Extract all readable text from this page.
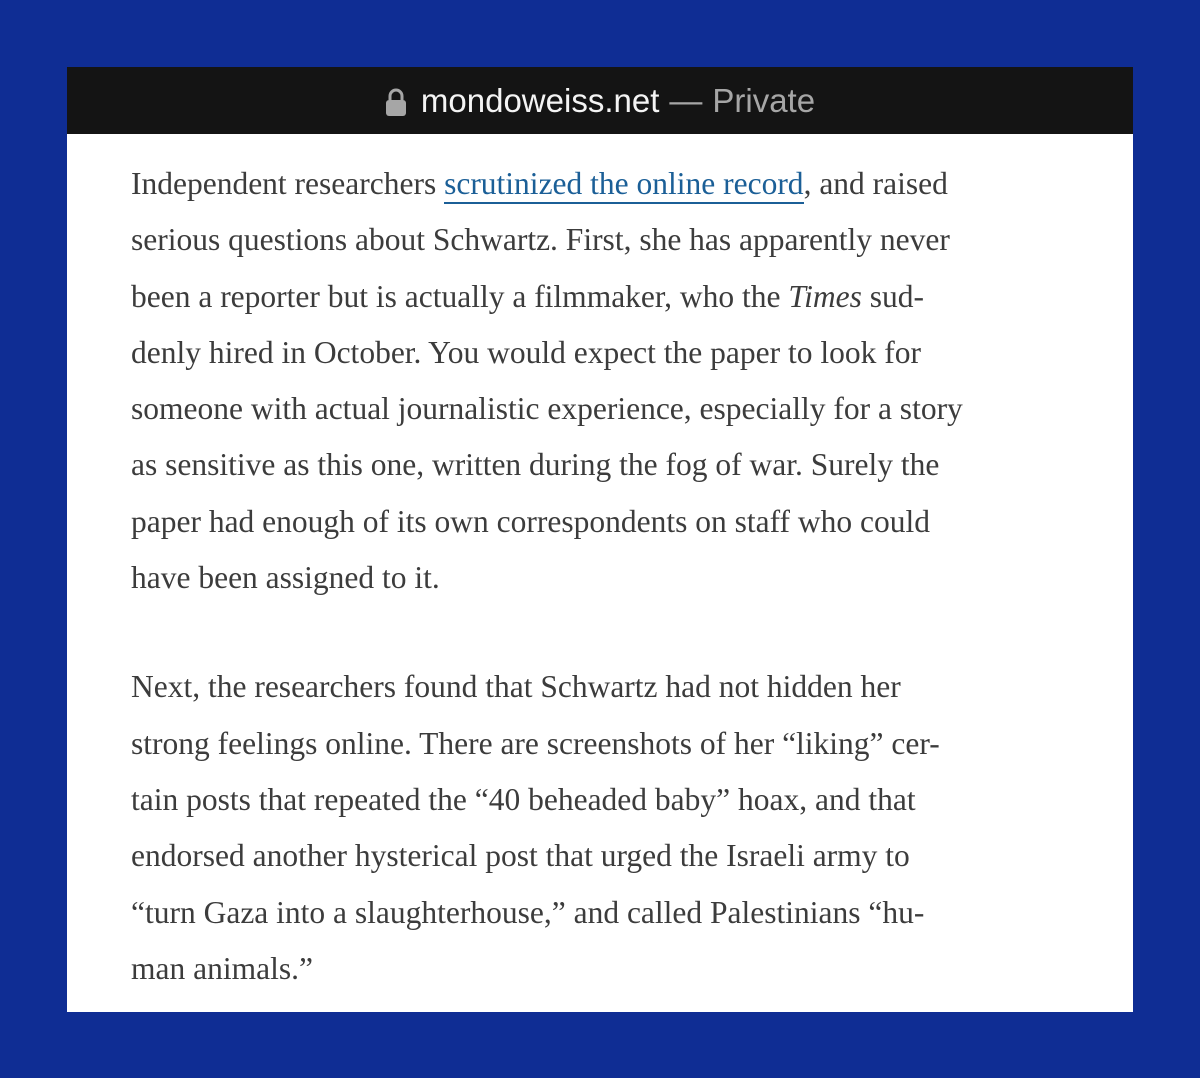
mondoweiss.net — Private

Independent researchers scrutinized the online record, and raised
serious questions about Schwartz. First, she has apparently never
been a reporter but is actually a filmmaker, who the Times sud-
denly hired in October. You would expect the paper to look for
someone with actual journalistic experience, especially for a story
as sensitive as this one, written during the fog of war. Surely the
paper had enough of its own correspondents on staff who could
have been assigned to it.

Next, the researchers found that Schwartz had not hidden her
strong feelings online. There are screenshots of her “liking” cer-
tain posts that repeated the “40 beheaded baby” hoax, and that
endorsed another hysterical post that urged the Israeli army to
“turn Gaza into a slaughterhouse,” and called Palestinians “hu-
man animals.”
